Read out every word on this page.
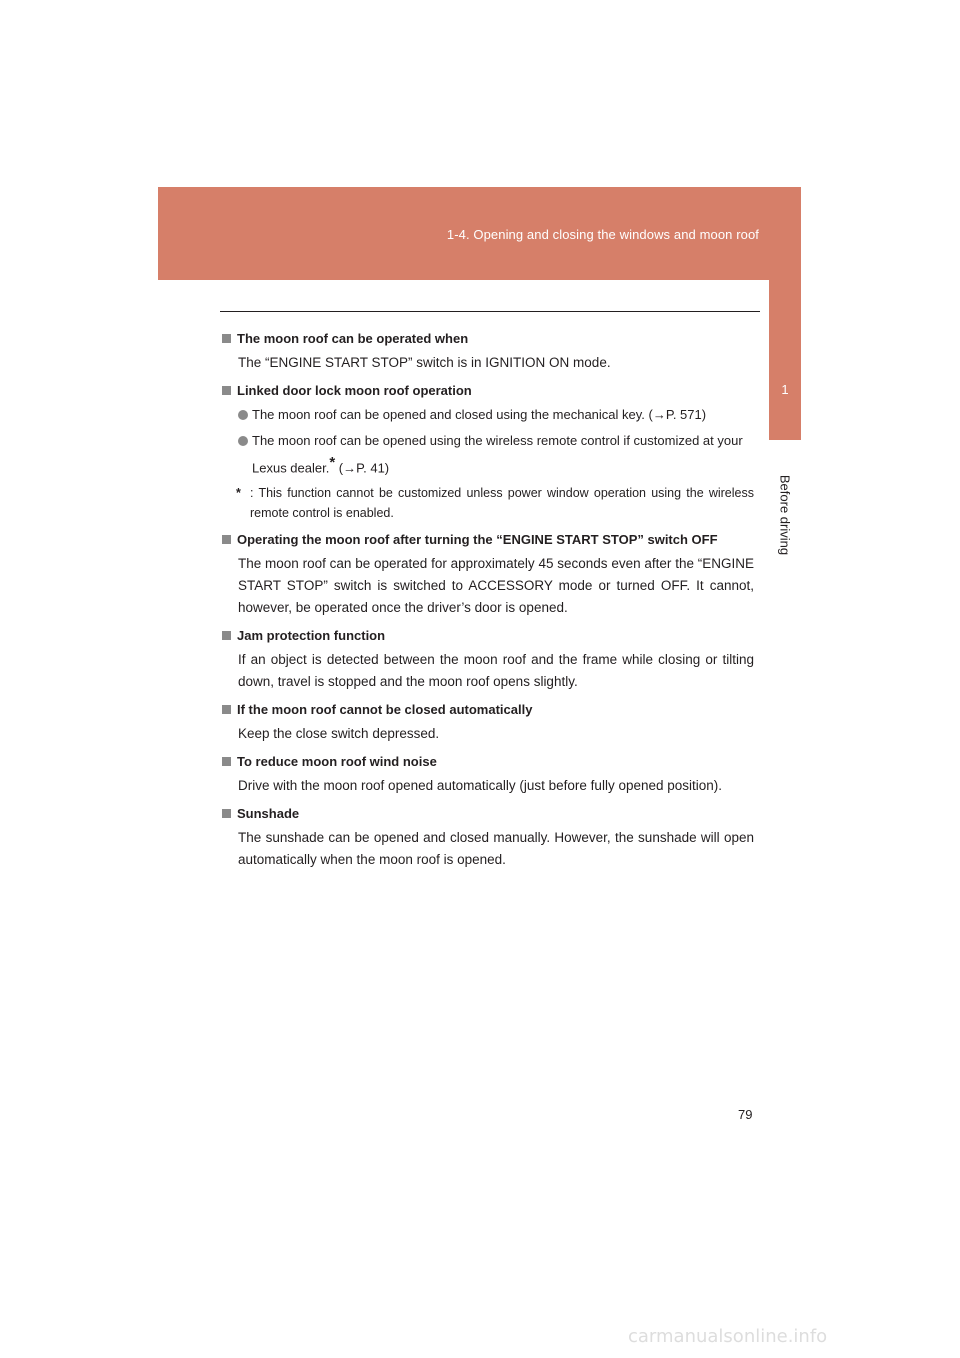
1-4. Opening and closing the windows and moon roof
1
Before driving
The moon roof can be operated when
The “ENGINE START STOP” switch is in IGNITION ON mode.
Linked door lock moon roof operation
The moon roof can be opened and closed using the mechanical key. (→P. 571)
The moon roof can be opened using the wireless remote control if customized at your Lexus dealer.* (→P. 41)
* : This function cannot be customized unless power window operation using the wireless remote control is enabled.
Operating the moon roof after turning the “ENGINE START STOP” switch OFF
The moon roof can be operated for approximately 45 seconds even after the “ENGINE START STOP” switch is switched to ACCESSORY mode or turned OFF. It cannot, however, be operated once the driver’s door is opened.
Jam protection function
If an object is detected between the moon roof and the frame while closing or tilting down, travel is stopped and the moon roof opens slightly.
If the moon roof cannot be closed automatically
Keep the close switch depressed.
To reduce moon roof wind noise
Drive with the moon roof opened automatically (just before fully opened position).
Sunshade
The sunshade can be opened and closed manually. However, the sunshade will open automatically when the moon roof is opened.
79
carmanualsonline.info
